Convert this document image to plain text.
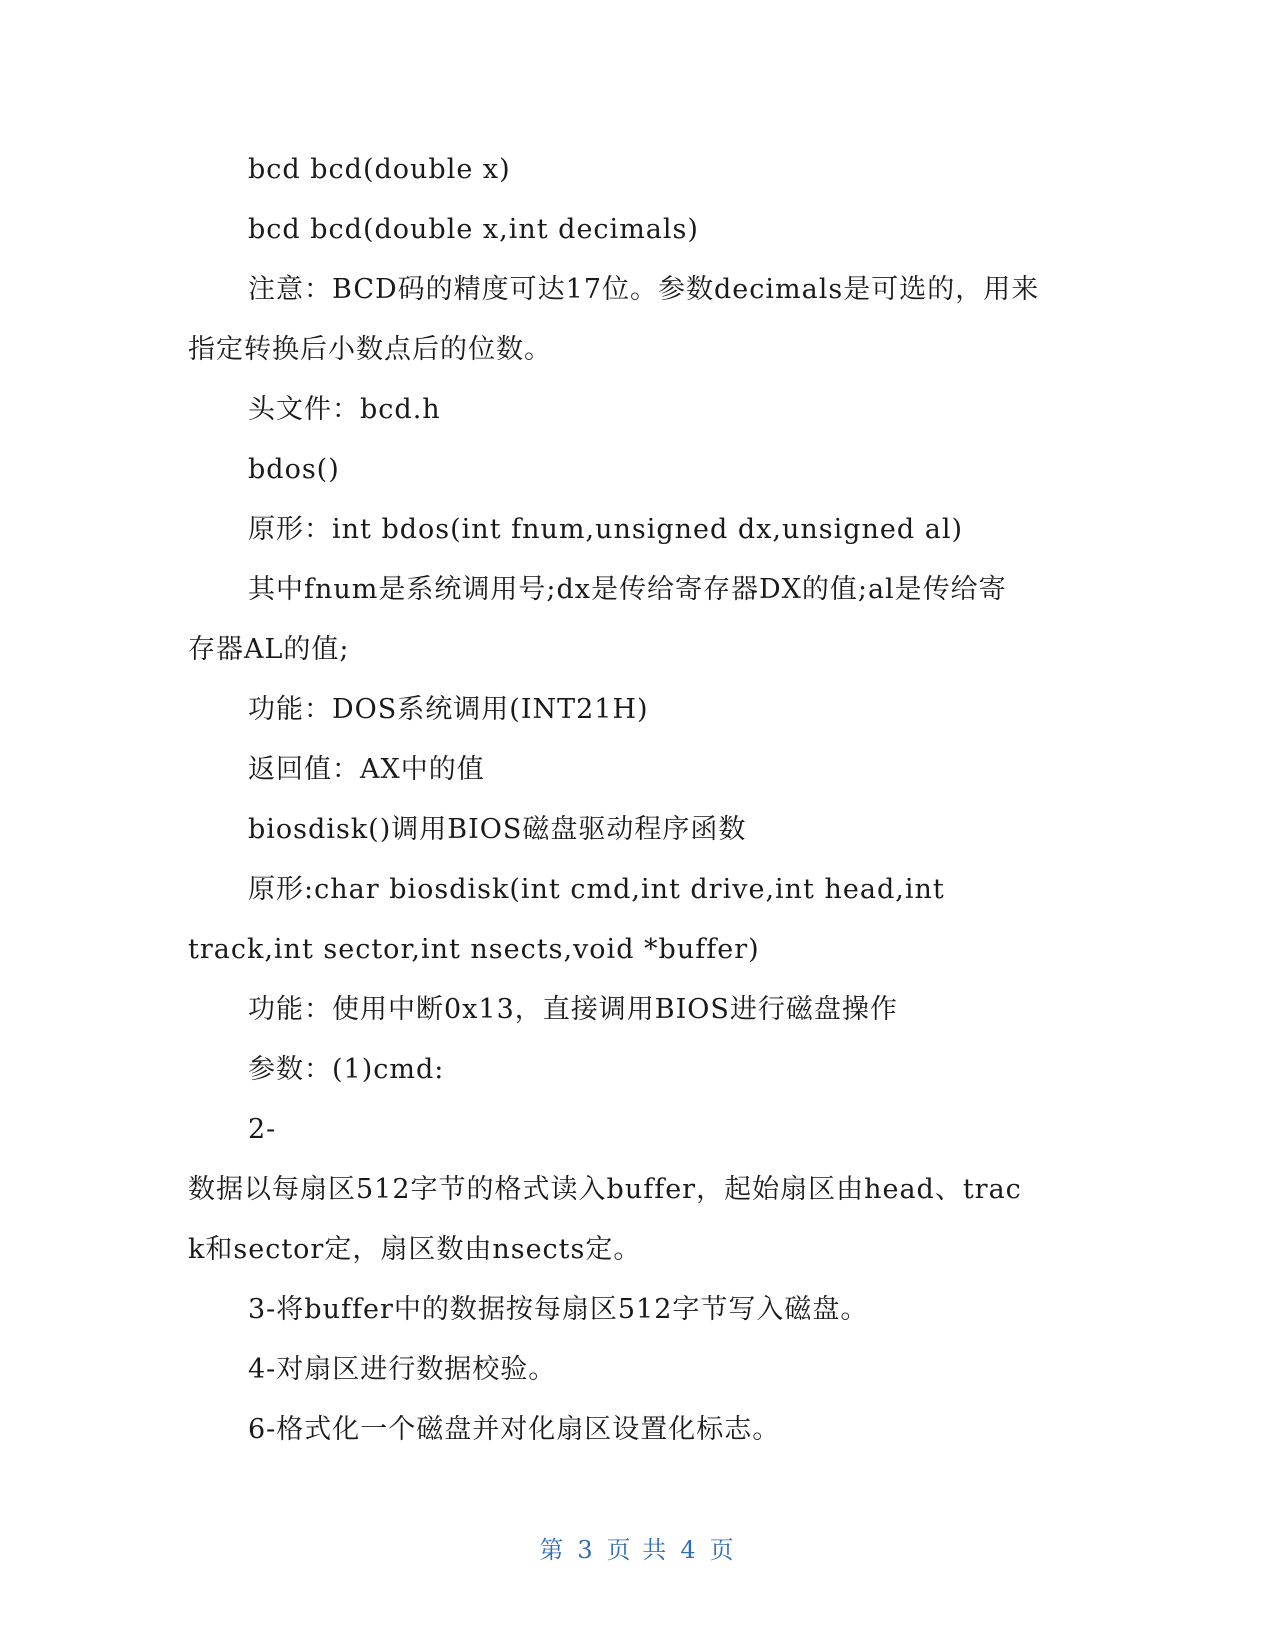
bcd bcd(double x)
bcd bcd(double x,int decimals)
注意：BCD码的精度可达17位。参数decimals是可选的，用来
指定转换后小数点后的位数。
头文件：bcd.h
bdos()
原形：int bdos(int fnum,unsigned dx,unsigned al)
其中fnum是系统调用号;dx是传给寄存器DX的值;al是传给寄
存器AL的值;
功能：DOS系统调用(INT21H)
返回值：AX中的值
biosdisk()调用BIOS磁盘驱动程序函数
原形:char biosdisk(int cmd,int drive,int head,int
track,int sector,int nsects,void *buffer)
功能：使用中断0x13，直接调用BIOS进行磁盘操作
参数：(1)cmd:
2-
数据以每扇区512字节的格式读入buffer，起始扇区由head、trac
k和sector定，扇区数由nsects定。
3-将buffer中的数据按每扇区512字节写入磁盘。
4-对扇区进行数据校验。
6-格式化一个磁盘并对化扇区设置化标志。
第 3 页 共 4 页
